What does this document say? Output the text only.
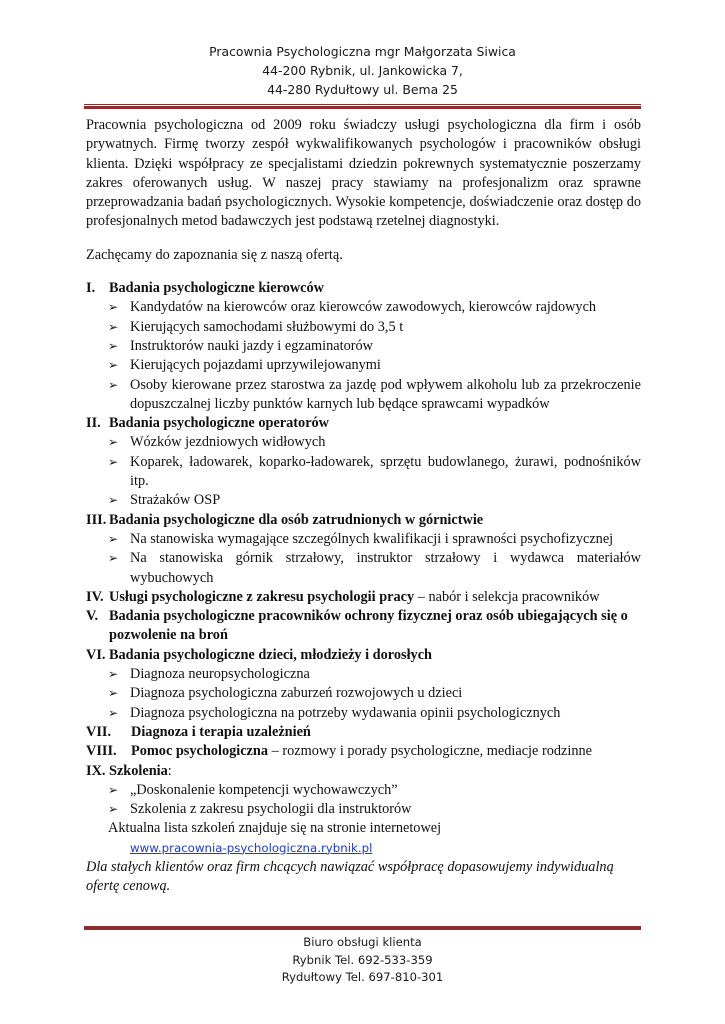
Pracownia Psychologiczna mgr Małgorzata Siwica
44-200 Rybnik, ul. Jankowicka 7,
44-280 Rydułtowy ul. Bema 25

Pracownia psychologiczna od 2009 roku świadczy usługi psychologiczna dla firm i osób prywatnych. Firmę tworzy zespół wykwalifikowanych psychologów i pracowników obsługi klienta. Dzięki współpracy ze specjalistami dziedzin pokrewnych systematycznie poszerzamy zakres oferowanych usług. W naszej pracy stawiamy na profesjonalizm oraz sprawne przeprowadzania badań psychologicznych. Wysokie kompetencje, doświadczenie oraz dostęp do profesjonalnych metod badawczych jest podstawą rzetelnej diagnostyki.

Zachęcamy do zapoznania się z naszą ofertą.

I. Badania psychologiczne kierowców
➢ Kandydatów na kierowców oraz kierowców zawodowych, kierowców rajdowych
➢ Kierujących samochodami służbowymi do 3,5 t
➢ Instruktorów nauki jazdy i egzaminatorów
➢ Kierujących pojazdami uprzywilejowanymi
➢ Osoby kierowane przez starostwa za jazdę pod wpływem alkoholu lub za przekroczenie dopuszczalnej liczby punktów karnych lub będące sprawcami wypadków
II. Badania psychologiczne operatorów
➢ Wózków jezdniowych widłowych
➢ Koparek, ładowarek, koparko-ładowarek, sprzętu budowlanego, żurawi, podnośników itp.
➢ Strażaków OSP
III. Badania psychologiczne dla osób zatrudnionych w górnictwie
➢ Na stanowiska wymagające szczególnych kwalifikacji i sprawności psychofizycznej
➢ Na stanowiska górnik strzałowy, instruktor strzałowy i wydawca materiałów wybuchowych
IV. Usługi psychologiczne z zakresu psychologii pracy – nabór i selekcja pracowników
V. Badania psychologiczne pracowników ochrony fizycznej oraz osób ubiegających się o pozwolenie na broń
VI. Badania psychologiczne dzieci, młodzieży i dorosłych
➢ Diagnoza neuropsychologiczna
➢ Diagnoza psychologiczna zaburzeń rozwojowych u dzieci
➢ Diagnoza psychologiczna na potrzeby wydawania opinii psychologicznych
VII.	Diagnoza i terapia uzależnień
VIII.	Pomoc psychologiczna – rozmowy i porady psychologiczne, mediacje rodzinne
IX. Szkolenia:
➢ „Doskonalenie kompetencji wychowawczych”
➢ Szkolenia z zakresu psychologii dla instruktorów

Aktualna lista szkoleń znajduje się na stronie internetowej

www.pracownia-psychologiczna.rybnik.pl
Dla stałych klientów oraz firm chcących nawiązać współpracę dopasowujemy indywidualną ofertę cenową.
Biuro obsługi klienta
Rybnik Tel. 692-533-359
Rydułtowy Tel. 697-810-301
